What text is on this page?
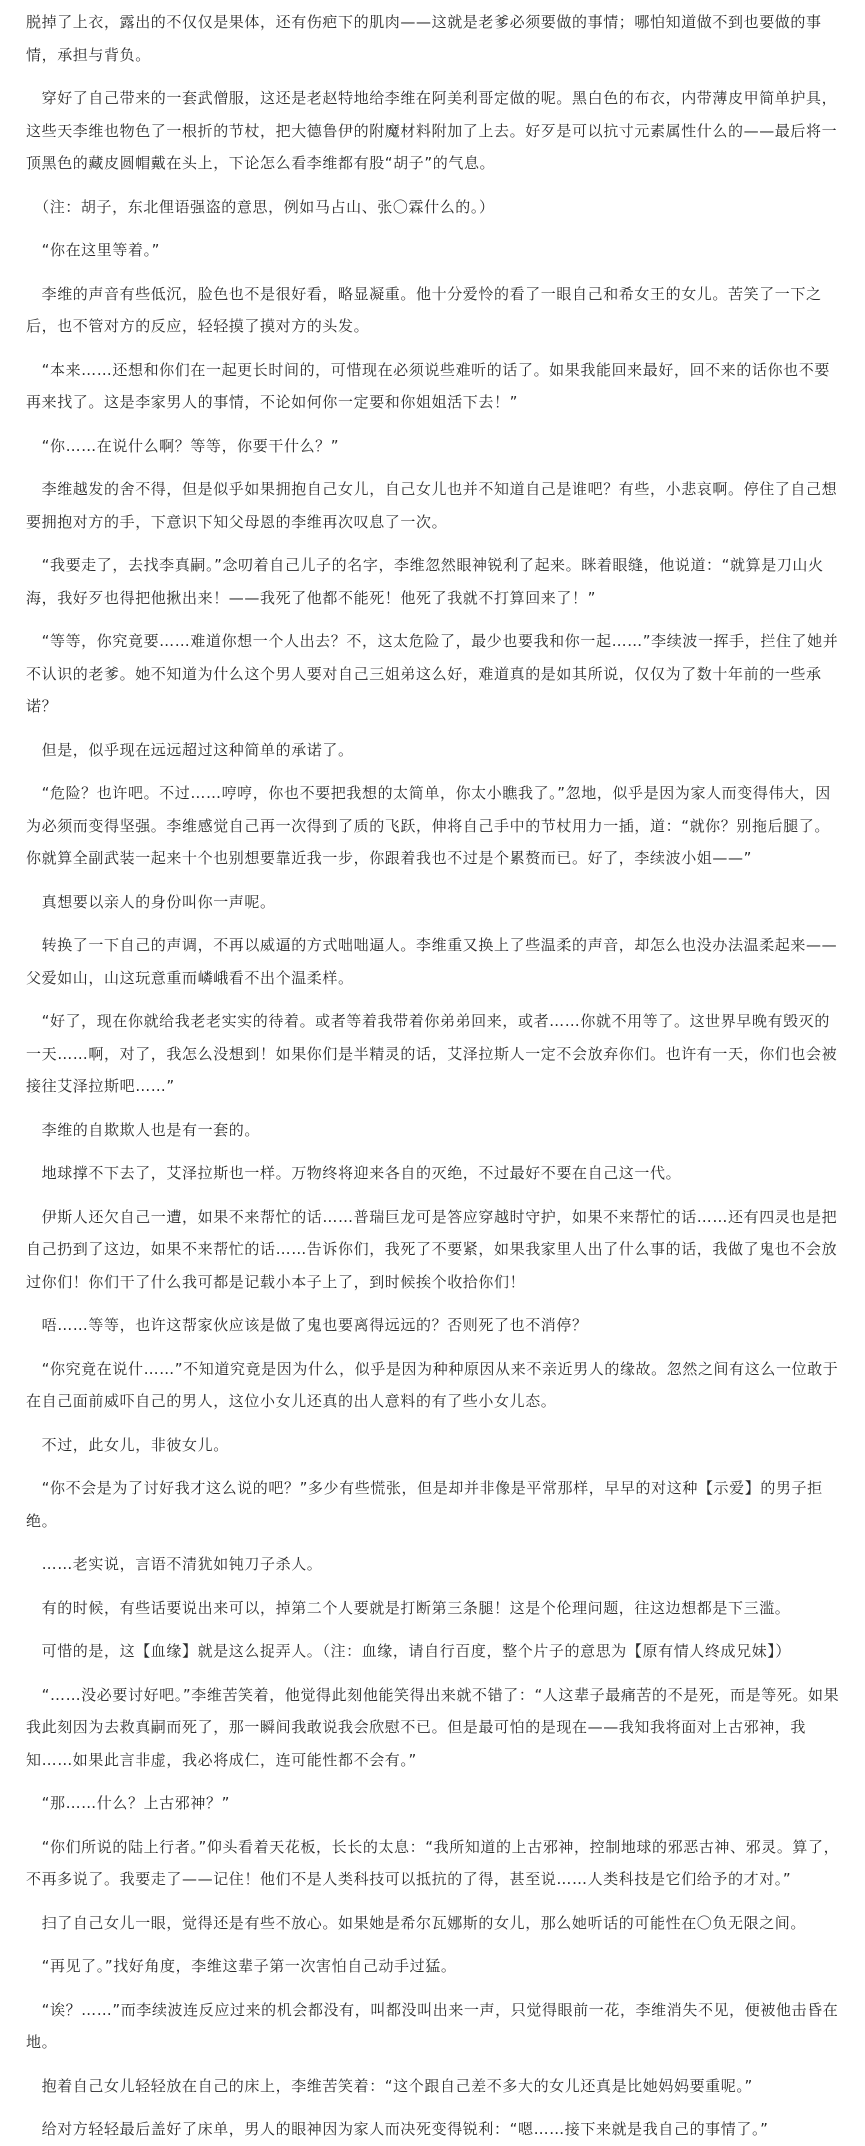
脱掉了上衣，露出的不仅仅是果体，还有伤疤下的肌肉——这就是老爹必须要做的事情；哪怕知道做不到也要做的事情，承担与背负。

　穿好了自己带来的一套武僧服，这还是老赵特地给李维在阿美利哥定做的呢。黑白色的布衣，内带薄皮甲简单护具，这些天李维也物色了一根折的节杖，把大德鲁伊的附魔材料附加了上去。好歹是可以抗寸元素属性什么的——最后将一顶黑色的藏皮圆帽戴在头上，下论怎么看李维都有股“胡子”的气息。

　（注：胡子，东北俚语强盗的意思，例如马占山、张〇霖什么的。）

　“你在这里等着。”

　李维的声音有些低沉，脸色也不是很好看，略显凝重。他十分爱怜的看了一眼自己和希女王的女儿。苦笑了一下之后，也不管对方的反应，轻轻摸了摸对方的头发。

　“本来……还想和你们在一起更长时间的，可惜现在必须说些难听的话了。如果我能回来最好，回不来的话你也不要再来找了。这是李家男人的事情，不论如何你一定要和你姐姐活下去！”

　“你……在说什么啊？等等，你要干什么？”

　李维越发的舍不得，但是似乎如果拥抱自己女儿，自己女儿也并不知道自己是谁吧？有些，小悲哀啊。停住了自己想要拥抱对方的手，下意识下知父母恩的李维再次叹息了一次。

　“我要走了，去找李真嗣。”念叨着自己儿子的名字，李维忽然眼神锐利了起来。眯着眼缝，他说道：“就算是刀山火海，我好歹也得把他揪出来！——我死了他都不能死！他死了我就不打算回来了！”

　“等等，你究竟要……难道你想一个人出去？不，这太危险了，最少也要我和你一起……”李续波一挥手，拦住了她并不认识的老爹。她不知道为什么这个男人要对自己三姐弟这么好，难道真的是如其所说，仅仅为了数十年前的一些承诺？

　但是，似乎现在远远超过这种简单的承诺了。

　“危险？也许吧。不过……哼哼，你也不要把我想的太简单，你太小瞧我了。”忽地，似乎是因为家人而变得伟大，因为必须而变得坚强。李维感觉自己再一次得到了质的飞跃，伸将自己手中的节杖用力一插，道：“就你？别拖后腿了。你就算全副武装一起来十个也别想要靠近我一步，你跟着我也不过是个累赘而已。好了，李续波小姐——”

　真想要以亲人的身份叫你一声呢。

　转换了一下自己的声调，不再以威逼的方式咄咄逼人。李维重又换上了些温柔的声音，却怎么也没办法温柔起来——父爱如山，山这玩意重而嶙峨看不出个温柔样。

　“好了，现在你就给我老老实实的待着。或者等着我带着你弟弟回来，或者……你就不用等了。这世界早晚有毁灭的一天……啊，对了，我怎么没想到！如果你们是半精灵的话，艾泽拉斯人一定不会放弃你们。也许有一天，你们也会被接往艾泽拉斯吧……”

　李维的自欺欺人也是有一套的。

　地球撑不下去了，艾泽拉斯也一样。万物终将迎来各自的灭绝，不过最好不要在自己这一代。

　伊斯人还欠自己一遭，如果不来帮忙的话……普瑞巨龙可是答应穿越时守护，如果不来帮忙的话……还有四灵也是把自己扔到了这边，如果不来帮忙的话……告诉你们，我死了不要紧，如果我家里人出了什么事的话，我做了鬼也不会放过你们！你们干了什么我可都是记载小本子上了，到时候挨个收拾你们！

　唔……等等，也许这帮家伙应该是做了鬼也要离得远远的？否则死了也不消停？

　“你究竟在说什……”不知道究竟是因为什么，似乎是因为种种原因从来不亲近男人的缘故。忽然之间有这么一位敢于在自己面前威吓自己的男人，这位小女儿还真的出人意料的有了些小女儿态。

　不过，此女儿，非彼女儿。

　“你不会是为了讨好我才这么说的吧？”多少有些慌张，但是却并非像是平常那样，早早的对这种【示爱】的男子拒绝。

　……老实说，言语不清犹如钝刀子杀人。

　有的时候，有些话要说出来可以，掉第二个人要就是打断第三条腿！这是个伦理问题，往这边想都是下三滥。

　可惜的是，这【血缘】就是这么捉弄人。（注：血缘，请自行百度，整个片子的意思为【原有情人终成兄妹】）

　“……没必要讨好吧。”李维苦笑着，他觉得此刻他能笑得出来就不错了：“人这辈子最痛苦的不是死，而是等死。如果我此刻因为去救真嗣而死了，那一瞬间我敢说我会欣慰不已。但是最可怕的是现在——我知我将面对上古邪神，我知……如果此言非虚，我必将成仁，连可能性都不会有。”

　“那……什么？上古邪神？”

　“你们所说的陆上行者。”仰头看着天花板，长长的太息：“我所知道的上古邪神，控制地球的邪恶古神、邪灵。算了，不再多说了。我要走了——记住！他们不是人类科技可以抵抗的了得，甚至说……人类科技是它们给予的才对。”

　扫了自己女儿一眼，觉得还是有些不放心。如果她是希尔瓦娜斯的女儿，那么她听话的可能性在〇负无限之间。

　“再见了。”找好角度，李维这辈子第一次害怕自己动手过猛。

　“诶？……”而李续波连反应过来的机会都没有，叫都没叫出来一声，只觉得眼前一花，李维消失不见，便被他击昏在地。

　抱着自己女儿轻轻放在自己的床上，李维苦笑着：“这个跟自己差不多大的女儿还真是比她妈妈要重呢。”

　给对方轻轻最后盖好了床单，男人的眼神因为家人而决死变得锐利：“嗯……接下来就是我自己的事情了。”
